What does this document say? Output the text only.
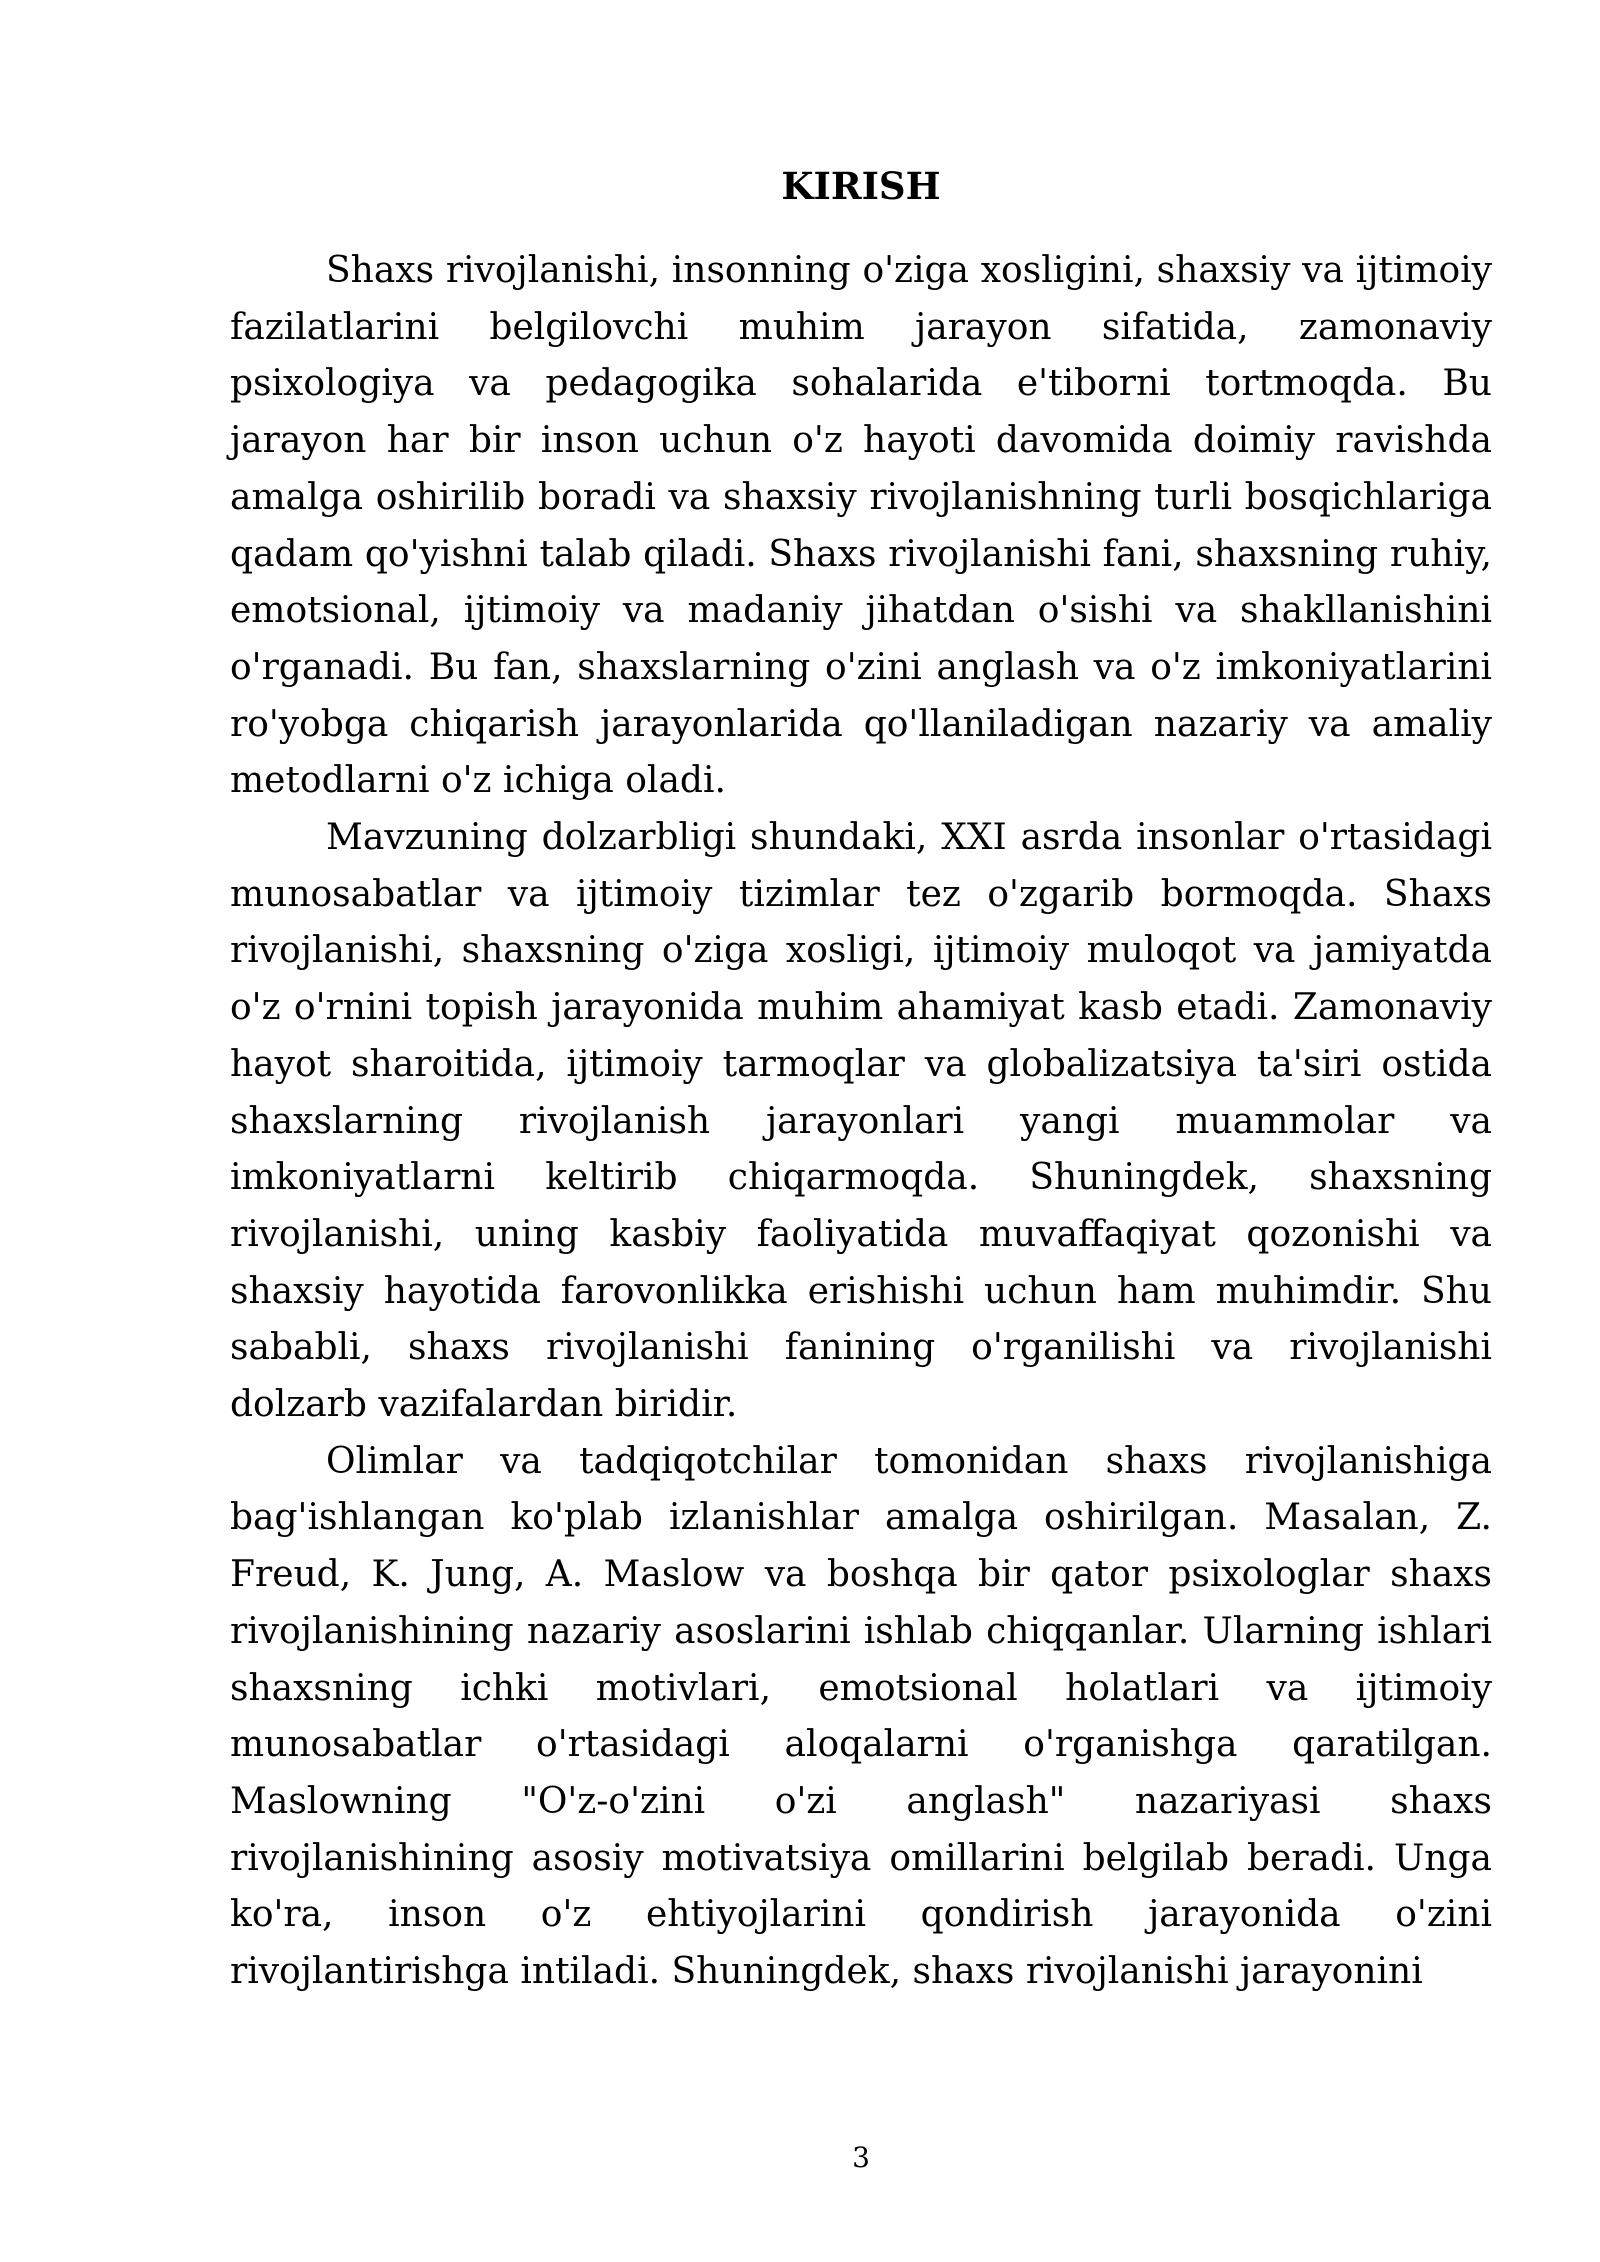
KIRISH

Shaxs rivojlanishi, insonning o'ziga xosligini, shaxsiy va ijtimoiy fazilatlarini belgilovchi muhim jarayon sifatida, zamonaviy psixologiya va pedagogika sohalarida e'tiborni tortmoqda. Bu jarayon har bir inson uchun o'z hayoti davomida doimiy ravishda amalga oshirilib boradi va shaxsiy rivojlanishning turli bosqichlariga qadam qo'yishni talab qiladi. Shaxs rivojlanishi fani, shaxsning ruhiy, emotsional, ijtimoiy va madaniy jihatdan o'sishi va shakllanishini o'rganadi. Bu fan, shaxslarning o'zini anglash va o'z imkoniyatlarini ro'yobga chiqarish jarayonlarida qo'llaniladigan nazariy va amaliy metodlarni o'z ichiga oladi.

Mavzuning dolzarbligi shundaki, XXI asrda insonlar o'rtasidagi munosabatlar va ijtimoiy tizimlar tez o'zgarib bormoqda. Shaxs rivojlanishi, shaxsning o'ziga xosligi, ijtimoiy muloqot va jamiyatda o'z o'rnini topish jarayonida muhim ahamiyat kasb etadi. Zamonaviy hayot sharoitida, ijtimoiy tarmoqlar va globalizatsiya ta'siri ostida shaxslarning rivojlanish jarayonlari yangi muammolar va imkoniyatlarni keltirib chiqarmoqda. Shuningdek, shaxsning rivojlanishi, uning kasbiy faoliyatida muvaffaqiyat qozonishi va shaxsiy hayotida farovonlikka erishishi uchun ham muhimdir. Shu sababli, shaxs rivojlanishi fanining o'rganilishi va rivojlanishi dolzarb vazifalardan biridir.

Olimlar va tadqiqotchilar tomonidan shaxs rivojlanishiga bag'ishlangan ko'plab izlanishlar amalga oshirilgan. Masalan, Z. Freud, K. Jung, A. Maslow va boshqa bir qator psixologlar shaxs rivojlanishining nazariy asoslarini ishlab chiqqanlar. Ularning ishlari shaxsning ichki motivlari, emotsional holatlari va ijtimoiy munosabatlar o'rtasidagi aloqalarni o'rganishga qaratilgan. Maslowning "O'z-o'zini o'zi anglash" nazariyasi shaxs rivojlanishining asosiy motivatsiya omillarini belgilab beradi. Unga ko'ra, inson o'z ehtiyojlarini qondirish jarayonida o'zini rivojlantirishga intiladi. Shuningdek, shaxs rivojlanishi jarayonini

3
